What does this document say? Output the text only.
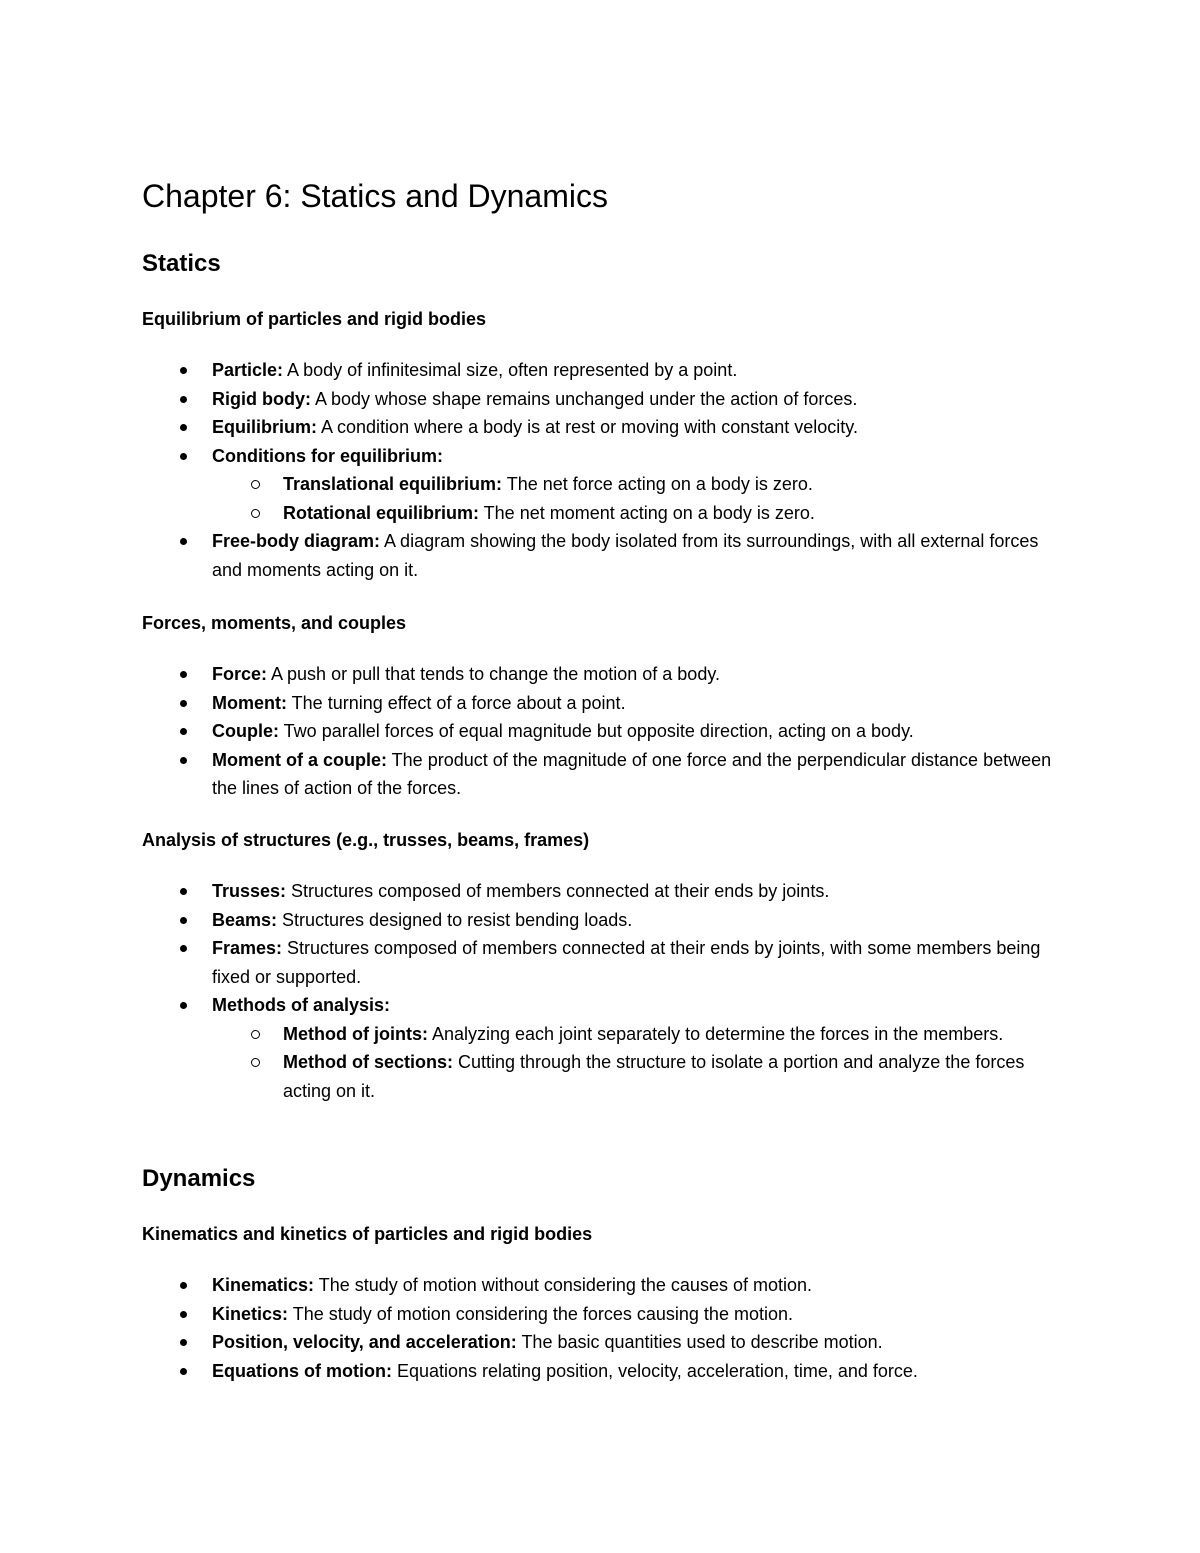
Chapter 6: Statics and Dynamics
Statics
Equilibrium of particles and rigid bodies
Particle: A body of infinitesimal size, often represented by a point.
Rigid body: A body whose shape remains unchanged under the action of forces.
Equilibrium: A condition where a body is at rest or moving with constant velocity.
Conditions for equilibrium:
Translational equilibrium: The net force acting on a body is zero.
Rotational equilibrium: The net moment acting on a body is zero.
Free-body diagram: A diagram showing the body isolated from its surroundings, with all external forces and moments acting on it.
Forces, moments, and couples
Force: A push or pull that tends to change the motion of a body.
Moment: The turning effect of a force about a point.
Couple: Two parallel forces of equal magnitude but opposite direction, acting on a body.
Moment of a couple: The product of the magnitude of one force and the perpendicular distance between the lines of action of the forces.
Analysis of structures (e.g., trusses, beams, frames)
Trusses: Structures composed of members connected at their ends by joints.
Beams: Structures designed to resist bending loads.
Frames: Structures composed of members connected at their ends by joints, with some members being fixed or supported.
Methods of analysis:
Method of joints: Analyzing each joint separately to determine the forces in the members.
Method of sections: Cutting through the structure to isolate a portion and analyze the forces acting on it.
Dynamics
Kinematics and kinetics of particles and rigid bodies
Kinematics: The study of motion without considering the causes of motion.
Kinetics: The study of motion considering the forces causing the motion.
Position, velocity, and acceleration: The basic quantities used to describe motion.
Equations of motion: Equations relating position, velocity, acceleration, time, and force.
